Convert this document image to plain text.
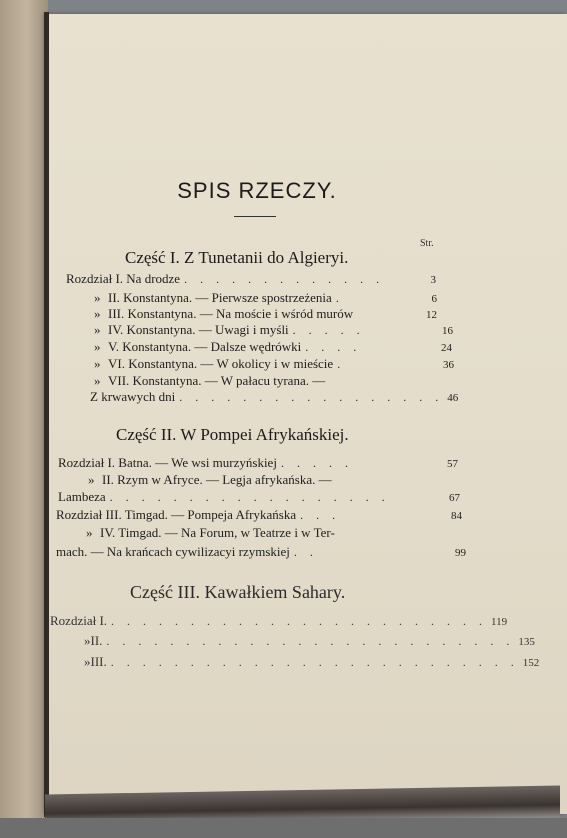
SPIS RZECZY.
Str.
Część I. Z Tunetanii do Algieryi.
Rozdział I. Na drodze . . . . . . . . . . . . .	3
» II. Konstantyna. — Pierwsze spostrzeżenia .	6
» III. Konstantyna. — Na moście i wśród murów	12
» IV. Konstantyna. — Uwagi i myśli . . . . .	16
» V. Konstantyna. — Dalsze wędrówki . . . .	24
» VI. Konstantyna. — W okolicy i w mieście .	36
» VII. Konstantyna. — W pałacu tyrana. —
Z krwawych dni . . . . . . . . . . . . . . . . . 46
Część II. W Pompei Afrykańskiej.
Rozdział I. Batna. — We wsi murzyńskiej . . . . .	57
» II. Rzym w Afryce. — Legja afrykańska. —
Lambeza . . . . . . . . . . . . . . . . . .	67
Rozdział III. Timgad. — Pompeja Afrykańska . . .	84
» IV. Timgad. — Na Forum, w Teatrze i w Ter-
mach. — Na krańcach cywilizacyi rzymskiej . .	99
Część III. Kawałkiem Sahary.
Rozdział I. . . . . . . . . . . . . . . . . . . . . . . . . 119
» II. . . . . . . . . . . . . . . . . . . . . . . . . . . 135
» III. . . . . . . . . . . . . . . . . . . . . . . . . . . 152
